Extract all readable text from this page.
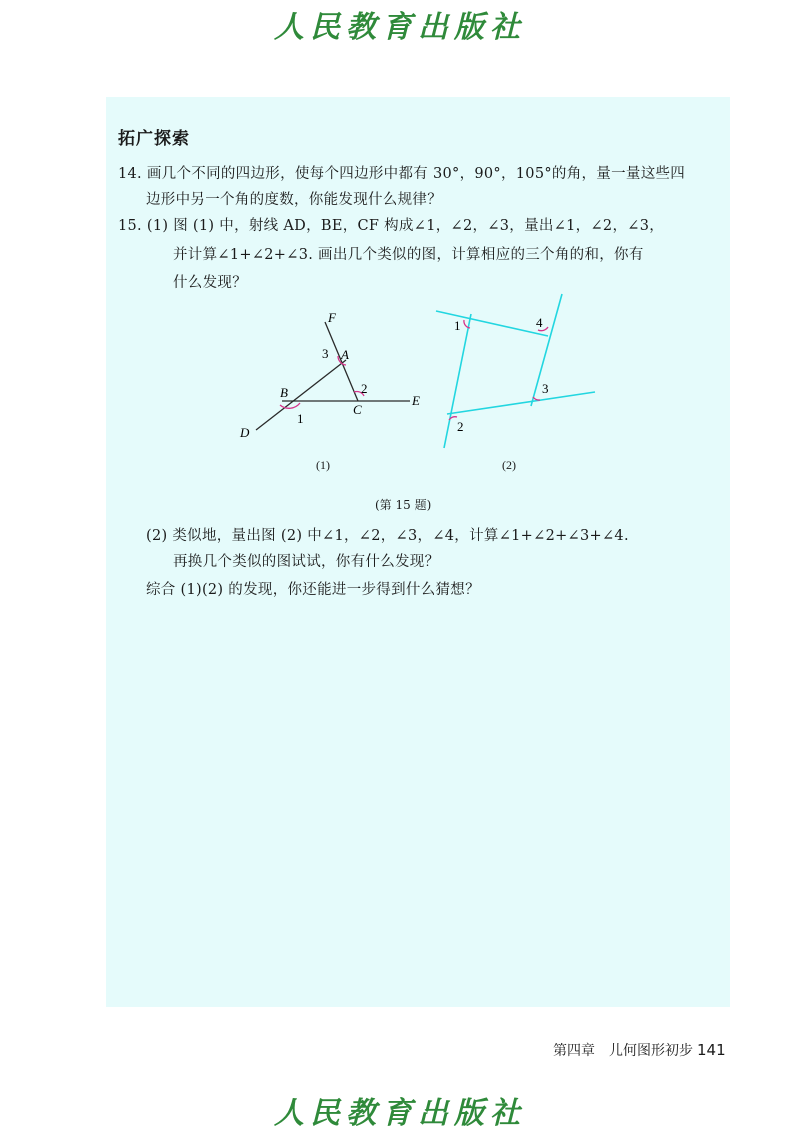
人民教育出版社
拓广探索
14. 画几个不同的四边形，使每个四边形中都有 30°，90°，105°的角，量一量这些四
边形中另一个角的度数，你能发现什么规律？
15. (1) 图 (1) 中，射线 AD，BE，CF 构成∠1，∠2，∠3，量出∠1，∠2，∠3，
并计算∠1+∠2+∠3. 画出几个类似的图，计算相应的三个角的和，你有
什么发现？
F
A
3
2
B
C
E
1
D
1	4
3
2
(1)	(2)
(第 15 题)
(2) 类似地，量出图 (2) 中∠1，∠2，∠3，∠4，计算∠1+∠2+∠3+∠4.
再换几个类似的图试试，你有什么发现？
综合 (1)(2) 的发现，你还能进一步得到什么猜想？
第四章　儿何图形初步 141
人民教育出版社
